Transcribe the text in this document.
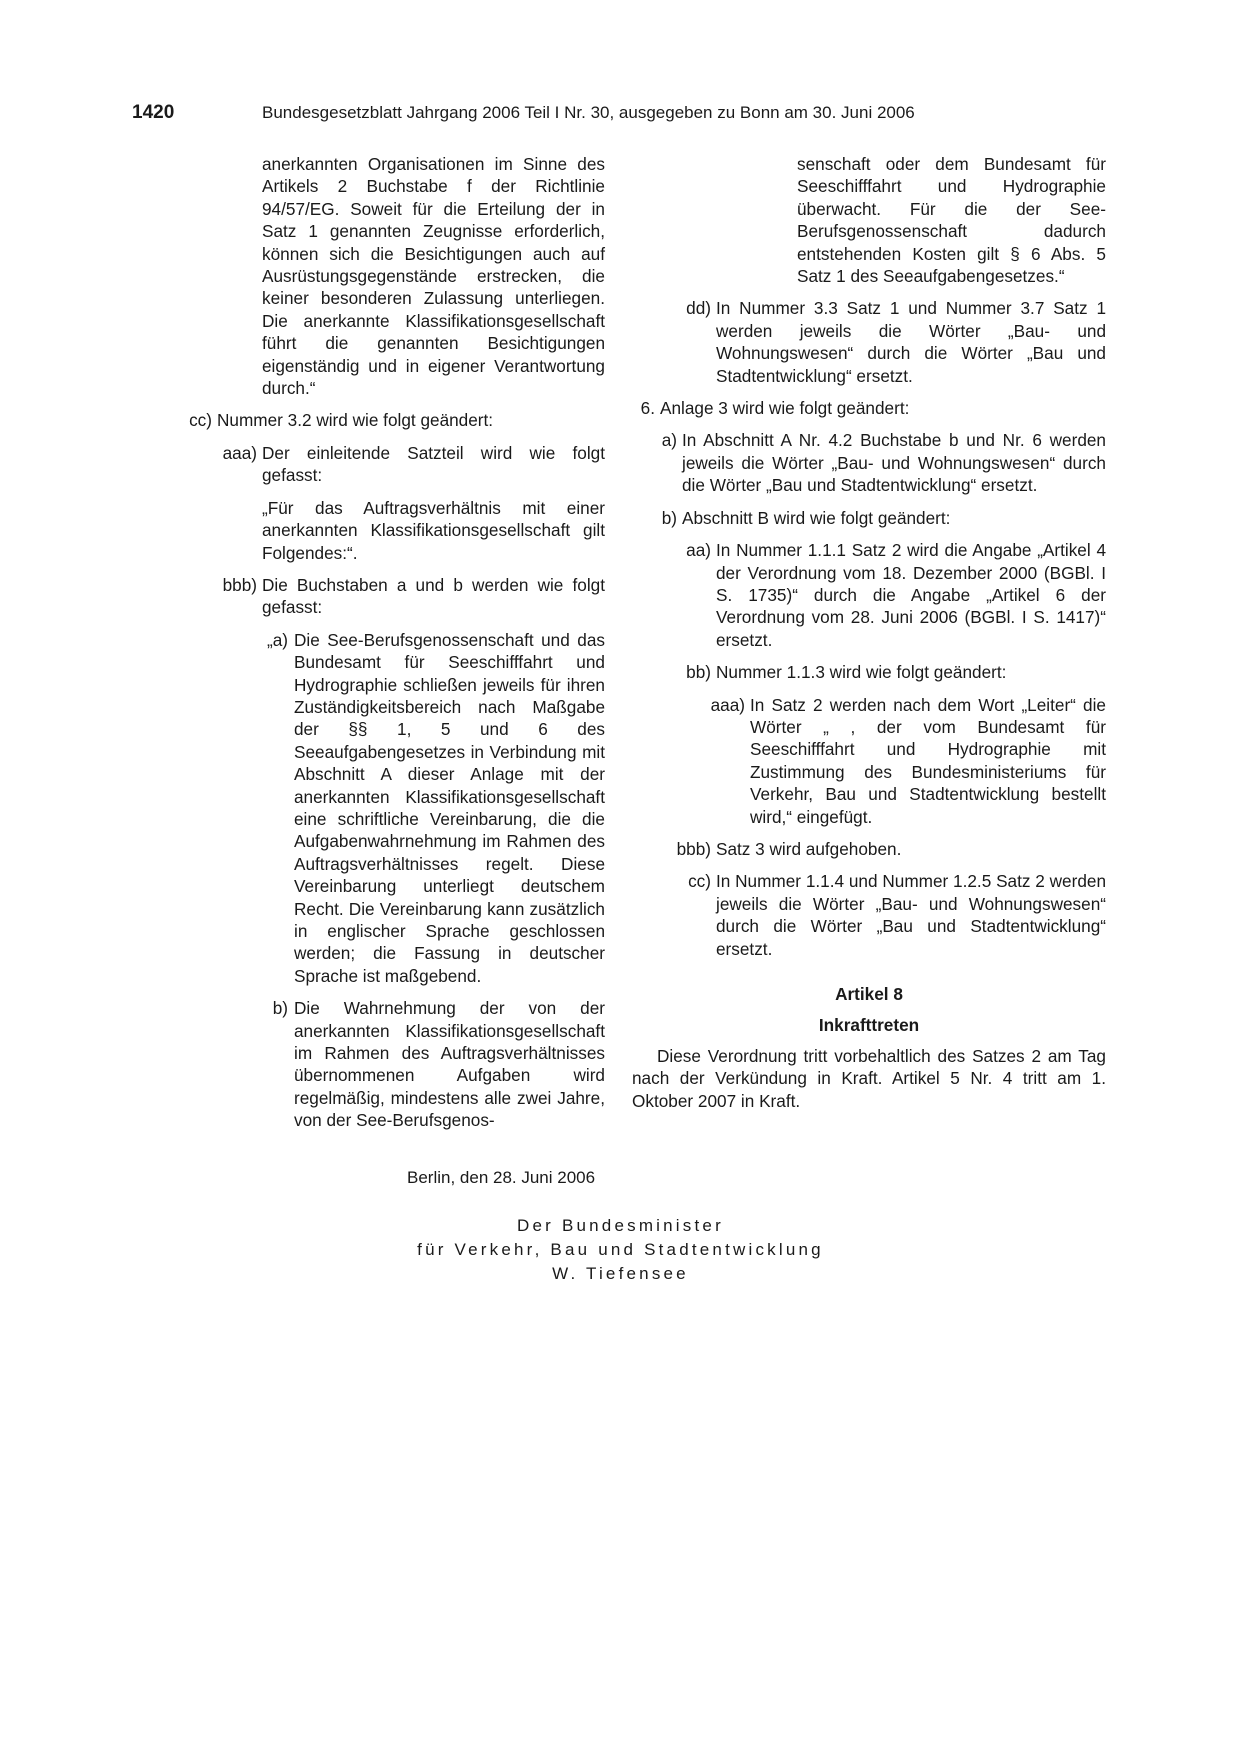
1420	Bundesgesetzblatt Jahrgang 2006 Teil I Nr. 30, ausgegeben zu Bonn am 30. Juni 2006

anerkannten Organisationen im Sinne des Artikels 2 Buchstabe f der Richtlinie 94/57/EG. Soweit für die Erteilung der in Satz 1 genannten Zeugnisse erforderlich, können sich die Besichtigungen auch auf Ausrüstungsgegenstände erstrecken, die keiner besonderen Zulassung unterliegen. Die anerkannte Klassifikationsgesellschaft führt die genannten Besichtigungen eigenständig und in eigener Verantwortung durch.“

cc) Nummer 3.2 wird wie folgt geändert:

aaa) Der einleitende Satzteil wird wie folgt gefasst:

„Für das Auftragsverhältnis mit einer anerkannten Klassifikationsgesellschaft gilt Folgendes:“.

bbb) Die Buchstaben a und b werden wie folgt gefasst:

„a) Die See-Berufsgenossenschaft und das Bundesamt für Seeschifffahrt und Hydrographie schließen jeweils für ihren Zuständigkeitsbereich nach Maßgabe der §§ 1, 5 und 6 des Seeaufgabengesetzes in Verbindung mit Abschnitt A dieser Anlage mit der anerkannten Klassifikationsgesellschaft eine schriftliche Vereinbarung, die die Aufgabenwahrnehmung im Rahmen des Auftragsverhältnisses regelt. Diese Vereinbarung unterliegt deutschem Recht. Die Vereinbarung kann zusätzlich in englischer Sprache geschlossen werden; die Fassung in deutscher Sprache ist maßgebend.

b) Die Wahrnehmung der von der anerkannten Klassifikationsgesellschaft im Rahmen des Auftragsverhältnisses übernommenen Aufgaben wird regelmäßig, mindestens alle zwei Jahre, von der See-Berufsgenos-

senschaft oder dem Bundesamt für Seeschifffahrt und Hydrographie überwacht. Für die der See-Berufsgenossenschaft dadurch entstehenden Kosten gilt § 6 Abs. 5 Satz 1 des Seeaufgabengesetzes.“

dd) In Nummer 3.3 Satz 1 und Nummer 3.7 Satz 1 werden jeweils die Wörter „Bau- und Wohnungswesen“ durch die Wörter „Bau und Stadtentwicklung“ ersetzt.

6. Anlage 3 wird wie folgt geändert:

a) In Abschnitt A Nr. 4.2 Buchstabe b und Nr. 6 werden jeweils die Wörter „Bau- und Wohnungswesen“ durch die Wörter „Bau und Stadtentwicklung“ ersetzt.

b) Abschnitt B wird wie folgt geändert:

aa) In Nummer 1.1.1 Satz 2 wird die Angabe „Artikel 4 der Verordnung vom 18. Dezember 2000 (BGBl. I S. 1735)“ durch die Angabe „Artikel 6 der Verordnung vom 28. Juni 2006 (BGBl. I S. 1417)“ ersetzt.

bb) Nummer 1.1.3 wird wie folgt geändert:

aaa) In Satz 2 werden nach dem Wort „Leiter“ die Wörter „ , der vom Bundesamt für Seeschifffahrt und Hydrographie mit Zustimmung des Bundesministeriums für Verkehr, Bau und Stadtentwicklung bestellt wird,“ eingefügt.

bbb) Satz 3 wird aufgehoben.

cc) In Nummer 1.1.4 und Nummer 1.2.5 Satz 2 werden jeweils die Wörter „Bau- und Wohnungswesen“ durch die Wörter „Bau und Stadtentwicklung“ ersetzt.

Artikel 8

Inkrafttreten

Diese Verordnung tritt vorbehaltlich des Satzes 2 am Tag nach der Verkündung in Kraft. Artikel 5 Nr. 4 tritt am 1. Oktober 2007 in Kraft.

Berlin, den 28. Juni 2006
Der Bundesminister
für Verkehr, Bau und Stadtentwicklung
W. Tiefensee
